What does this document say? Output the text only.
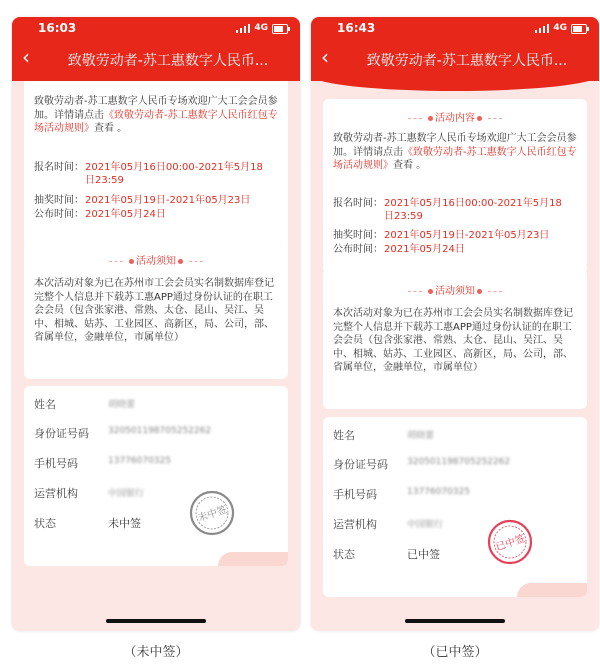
致敬劳动者-苏工惠数字人民币专场欢迎广大工会会员参加。详情请点击《致敬劳动者-苏工惠数字人民币红包专场活动规则》查看 。
报名时间： 2021年05月16日00:00-2021年5月18日23:59
抽奖时间： 2021年05月19日-2021年05月23日
公布时间： 2021年05月24日
活动须知
本次活动对象为已在苏州市工会会员实名制数据库登记完整个人信息并下载苏工惠APP通过身份认证的在职工会会员（包含张家港、常熟、太仓、昆山、吴江、吴中、相城、姑苏、工业园区、高新区，局、公司，部、省属单位，金融单位，市属单位）
姓名	胡晓蕾
身份证号码 320501198705252262
手机号码	13776070325
运营机构	中国银行
状态	未中签	未中签
16:03	4G
‹	致敬劳动者-苏工惠数字人民币...
活动内容
致敬劳动者-苏工惠数字人民币专场欢迎广大工会会员参加。详情请点击《致敬劳动者-苏工惠数字人民币红包专场活动规则》查看 。
报名时间： 2021年05月16日00:00-2021年5月18日23:59
抽奖时间： 2021年05月19日-2021年05月23日
公布时间： 2021年05月24日
活动须知
本次活动对象为已在苏州市工会会员实名制数据库登记完整个人信息并下载苏工惠APP通过身份认证的在职工会会员（包含张家港、常熟、太仓、昆山、吴江、吴中、相城、姑苏、工业园区、高新区，局、公司，部、省属单位，金融单位，市属单位）
姓名	胡晓蕾
身份证号码 320501198705252262
手机号码	13776070325
运营机构	中国银行
状态	已中签
已中签
16:43	4G
‹	致敬劳动者-苏工惠数字人民币...
（未中签）	（已中签）
